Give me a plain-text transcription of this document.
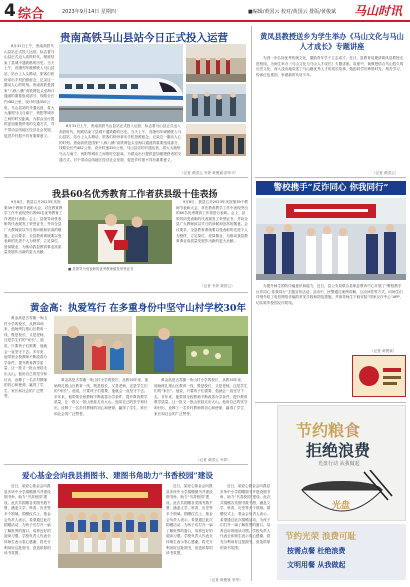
4 综合	2023年9月14日 星期四	■编辑/黄国云 校对/黄国云 排版/黄俊斌 马山时讯
贵南高铁马山县站今日正式投入运营

8月31日上午，贵南高铁马山县站正式投入运营，标志着马山县正式迈入高铁时代，彻底结束了县城不通铁路的历史。当天上午，首趟列车缓缓驶入马山县站，站台上人头攒动，旅客们纷纷拿出手机拍照留念，记录这一激动人心的时刻。贵南高铁是国家“八纵八横”高铁网包头至海口通道的重要组成部分，线路全长约482公里，设计时速350公里。马山县站的开通运营，将大大缩短马山与南宁、贵阳等城市之间的时空距离，为群众出行提供更加便捷舒适的交通方式，对于带动沿线地区经济社会发展、促进乡村振兴具有重要意义。

8月31日上午，贵南高铁马山县站正式投入运营，标志着马山县正式迈入高铁时代，彻底结束了县城不通铁路的历史。当天上午，首趟列车缓缓驶入马山县站，站台上人头攒动，旅客们纷纷拿出手机拍照留念，记录这一激动人心的时刻。贵南高铁是国家“八纵八横”高铁网包头至海口通道的重要组成部分，线路全长约482公里，设计时速350公里。马山县站的开通运营，将大大缩短马山与南宁、贵阳等城市之间的时空距离，为群众出行提供更加便捷舒适的交通方式，对于带动沿线地区经济社会发展、促进乡村振兴具有重要意义。

（记者 黄国云 韦婷 黄俊斌 彭华平）
黄凤县教授送乡为学生举办《马山文化与马山人才成长》专题讲座

为进一步弘扬优秀传统文化，激励青年学子立志成才，近日，县教育局邀请黄凤县教授走进校园，为师生举办《马山文化与马山人才成长》专题讲座。讲座中，黄教授结合马山悠久的历史文化，深入浅出地讲述了马山籍优秀人才的成长故事，勉励同学们珍惜时光、刻苦学习，传承红色基因，争做新时代好少年。

（记者 黄国云）
警校携手“反诈同心 你我同行”

为提升师生的防诈骗意识和能力，近日，县公安局联合县职业教育中心开展了“警校携手 反诈同心 你我同行”主题宣传活动。活动中，民警通过案例讲解、互动问答等方式，向师生们详细介绍了电信网络诈骗的常见手段和防范措施，并指导师生下载安装“国家反诈中心”APP，切实筑牢校园反诈防线。

（记者 黄俊斌）
节约粮食
拒绝浪费
光盘行动 从我做起
光盘
节约光荣 浪费可耻
按需点餐 杜绝浪费
文明用餐 从我做起
我县60名优秀教育工作者获县级十佳表扬

9月8日，我县召开2023年庆祝第39个教师节表彰大会，对在教育教学工作中表现突出的60名优秀教育工作者进行表彰。会上，县领导向受表彰的代表颁发了荣誉证书，并向全县广大教师致以节日的问候和崇高的敬意。会议要求，全县教育系统要以受表彰的先进个人为榜样，立足岗位、爱岗敬业，为推动我县教育事业高质量发展作出新的更大贡献。

■ 县领导为受表彰的优秀教师颁发荣誉证书

9月8日，我县召开2023年庆祝第39个教师节表彰大会，对在教育教学工作中表现突出的60名优秀教育工作者进行表彰。会上，县领导向受表彰的代表颁发了荣誉证书，并向全县广大教师致以节日的问候和崇高的敬意。会议要求，全县教育系统要以受表彰的先进个人为榜样，立足岗位、爱岗敬业，为推动我县教育事业高质量发展作出新的更大贡献。

（记者 韦婷 黄国云）
黄金高：执爱笃行 在多重身份中坚守山村学校30年

黄金高是古零镇一所山村小学的校长，从教30年来，他始终扎根山区教育一线，既是校长，又是老师，还是学生们的“家长”。他说，只要孩子们需要，他就会一直坚守下去。多年来，他带领全校教师不断改善办学条件，提升教育教学质量，让一批又一批山里娃走出大山。他用自己的坚守和付出，诠释了一名乡村教师的初心和使命，赢得了学生、家长和社会的广泛赞誉。

黄金高是古零镇一所山村小学的校长，从教30年来，他始终扎根山区教育一线，既是校长，又是老师，还是学生们的“家长”。他说，只要孩子们需要，他就会一直坚守下去。多年来，他带领全校教师不断改善办学条件，提升教育教学质量，让一批又一批山里娃走出大山。他用自己的坚守和付出，诠释了一名乡村教师的初心和使命，赢得了学生、家长和社会的广泛赞誉。

黄金高是古零镇一所山村小学的校长，从教30年来，他始终扎根山区教育一线，既是校长，又是老师，还是学生们的“家长”。他说，只要孩子们需要，他就会一直坚守下去。多年来，他带领全校教师不断改善办学条件，提升教育教学质量，让一批又一批山里娃走出大山。他用自己的坚守和付出，诠释了一名乡村教师的初心和使命，赢得了学生、家长和社会的广泛赞誉。

（记者 黄国云 韦婷）
爱心基金会向我县捐图书、建图书角助力“书香校园”建设

近日，某爱心基金会向我县多所中小学捐赠图书并建设图书角，助力“书香校园”建设。此次共捐赠各类图书数千册，涵盖文学、科普、历史等多个领域。捐赠仪式上，基金会负责人表示，希望通过此次捐赠活动，为孩子们打开一扇了解世界的窗口，培养良好的阅读习惯。学校负责人代表全体师生表示衷心感谢，将充分利用好这批图书，营造浓厚的读书氛围。

近日，某爱心基金会向我县多所中小学捐赠图书并建设图书角，助力“书香校园”建设。此次共捐赠各类图书数千册，涵盖文学、科普、历史等多个领域。捐赠仪式上，基金会负责人表示，希望通过此次捐赠活动，为孩子们打开一扇了解世界的窗口，培养良好的阅读习惯。学校负责人代表全体师生表示衷心感谢，将充分利用好这批图书，营造浓厚的读书氛围。

近日，某爱心基金会向我县多所中小学捐赠图书并建设图书角，助力“书香校园”建设。此次共捐赠各类图书数千册，涵盖文学、科普、历史等多个领域。捐赠仪式上，基金会负责人表示，希望通过此次捐赠活动，为孩子们打开一扇了解世界的窗口，培养良好的阅读习惯。学校负责人代表全体师生表示衷心感谢，将充分利用好这批图书，营造浓厚的读书氛围。

（记者 黄俊斌 李华）
